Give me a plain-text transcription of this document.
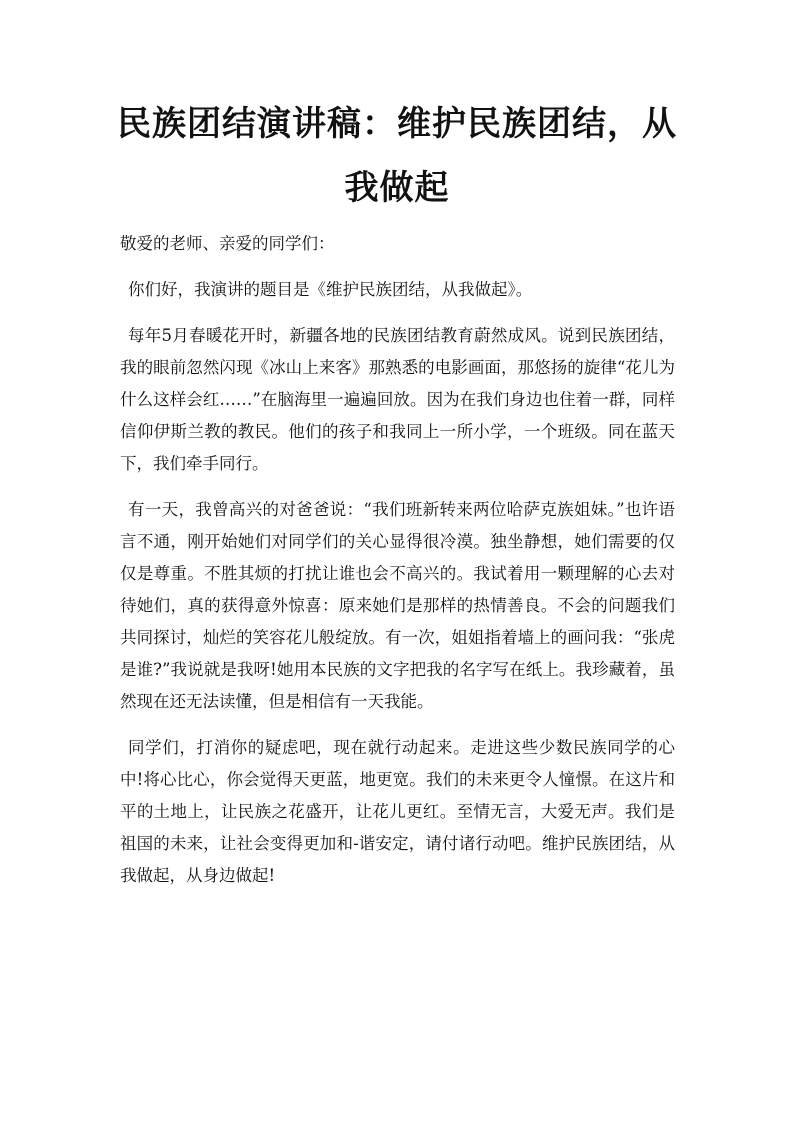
民族团结演讲稿：维护民族团结，从我做起

敬爱的老师、亲爱的同学们：

你们好，我演讲的题目是《维护民族团结，从我做起》。

每年5月春暖花开时，新疆各地的民族团结教育蔚然成风。说到民族团结，我的眼前忽然闪现《冰山上来客》那熟悉的电影画面，那悠扬的旋律“花儿为什么这样会红……”在脑海里一遍遍回放。因为在我们身边也住着一群，同样信仰伊斯兰教的教民。他们的孩子和我同上一所小学，一个班级。同在蓝天下，我们牵手同行。

有一天，我曾高兴的对爸爸说：“我们班新转来两位哈萨克族姐妹。”也许语言不通，刚开始她们对同学们的关心显得很冷漠。独坐静想，她们需要的仅仅是尊重。不胜其烦的打扰让谁也会不高兴的。我试着用一颗理解的心去对待她们，真的获得意外惊喜：原来她们是那样的热情善良。不会的问题我们共同探讨，灿烂的笑容花儿般绽放。有一次，姐姐指着墙上的画问我：“张虎是谁?”我说就是我呀!她用本民族的文字把我的名字写在纸上。我珍藏着，虽然现在还无法读懂，但是相信有一天我能。

同学们，打消你的疑虑吧，现在就行动起来。走进这些少数民族同学的心中!将心比心，你会觉得天更蓝，地更宽。我们的未来更令人憧憬。在这片和平的土地上，让民族之花盛开，让花儿更红。至情无言，大爱无声。我们是祖国的未来，让社会变得更加和-谐安定，请付诸行动吧。维护民族团结，从我做起，从身边做起!
